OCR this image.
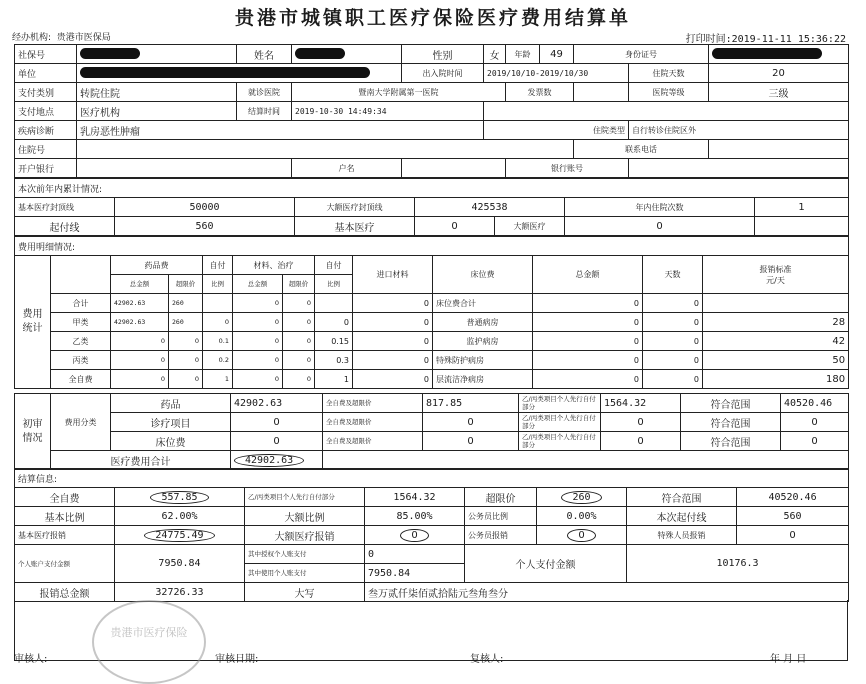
贵港市城镇职工医疗保险医疗费用结算单
经办机构: 贵港市医保局	打印时间:2019-11-11 15:36:22
社保号		姓名		性别	女	年龄	49	身份证号		
单位				出入院时间	2019/10/10-2019/10/30				住院天数	20
支付类别	转院住院	就诊医院	暨南大学附属第一医院			发票数			医院等级	三级
支付地点	医疗机构	结算时间	2019-10-30 14:49:34							
疾病诊断	乳房恶性肿瘤				住院类型				自行转诊住院区外	
住院号								联系电话		
开户银行			户名			银行账号				
本次前年内累计情况:						
基本医疗封顶线	50000	大额医疗封顶线	425538		年内住院次数	1
起付线	560	基本医疗	0	大额医疗	0	
费用明细情况:												
费用统计		药品费		自付	材料、治疗		自付	进口材料	床位费	总金额	天数	报销标准
元/天
		总金额	超限价	比例	总金额	超限价	比例					
	合计	42902.63	260		0	0		0	床位费合计	0	0	
	甲类	42902.63	260	0	0	0	0	0	普通病房	0	0	28
	乙类	0	0	0.1	0	0	0.15	0	监护病房	0	0	42
	丙类	0	0	0.2	0	0	0.3	0	特殊防护病房	0	0	50
	全自费	0	0	1	0	0	1	0	层流洁净病房	0	0	180
初审情况	费用分类	药品	42902.63	全自费及超限价	817.85	乙/丙类项目个人先行自付部分	1564.32	符合范围	40520.46
		诊疗项目	0	全自费及超限价	0	乙/丙类项目个人先行自付部分	0	符合范围	0
		床位费	0	全自费及超限价	0	乙/丙类项目个人先行自付部分	0	符合范围	0
	医疗费用合计		42902.63						
结算信息:							
全自费	557.85	乙/丙类项目个人先行自付部分	1564.32	超限价	260	符合范围	40520.46
基本比例	62.00%	大额比例	85.00%	公务员比例	0.00%	本次起付线	560
基本医疗报销	24775.49	大额医疗报销	0	公务员报销	0	特殊人员报销	0
个人账户支付金额	7950.84	其中授权个人账支付	0	个人支付金额		10176.3	
		其中使用个人账支付	7950.84				
报销总金额	32726.33	大写	叁万贰仟柒佰贰拾陆元叁角叁分				
贵港市医疗保险
审核人:	审核日期:	复核人:	年 月 日
